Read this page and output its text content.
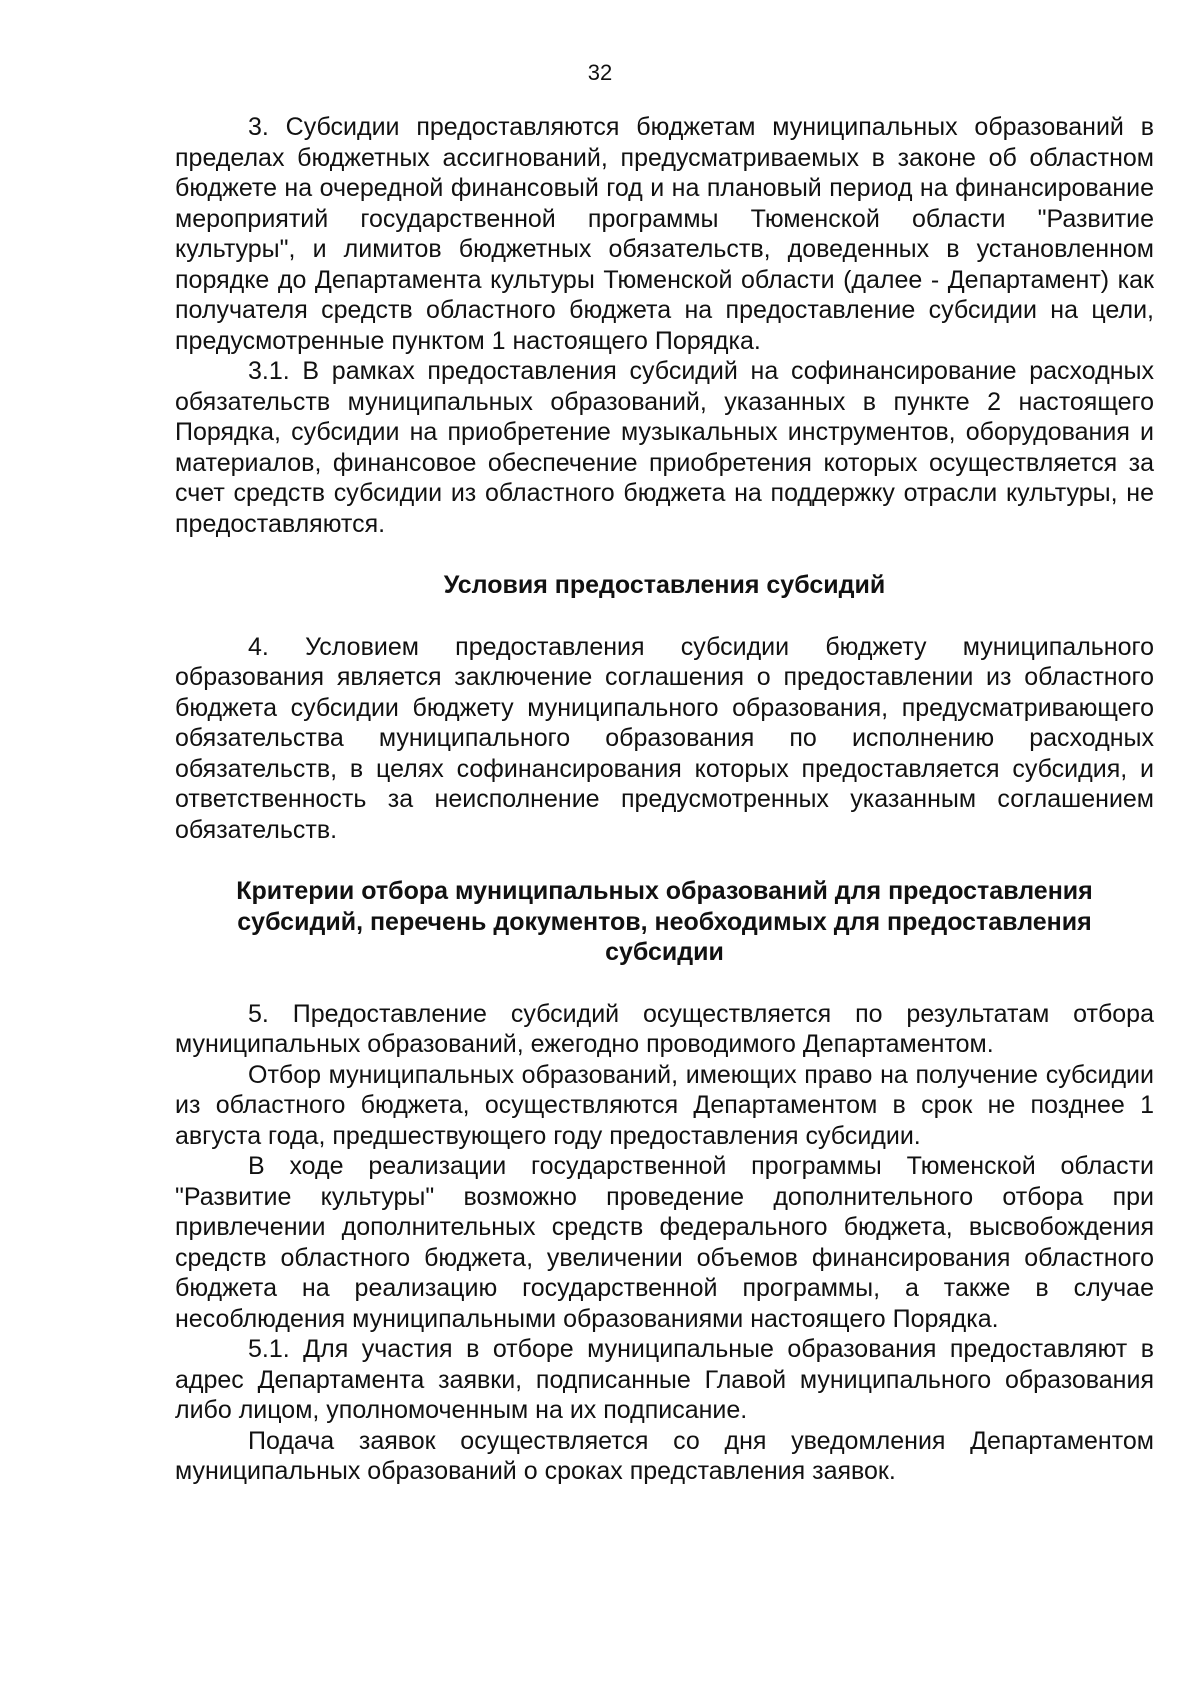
32

3. Субсидии предоставляются бюджетам муниципальных образований в пределах бюджетных ассигнований, предусматриваемых в законе об областном бюджете на очередной финансовый год и на плановый период на финансирование мероприятий государственной программы Тюменской области "Развитие культуры", и лимитов бюджетных обязательств, доведенных в установленном порядке до Департамента культуры Тюменской области (далее - Департамент) как получателя средств областного бюджета на предоставление субсидии на цели, предусмотренные пунктом 1 настоящего Порядка.

3.1. В рамках предоставления субсидий на софинансирование расходных обязательств муниципальных образований, указанных в пункте 2 настоящего Порядка, субсидии на приобретение музыкальных инструментов, оборудования и материалов, финансовое обеспечение приобретения которых осуществляется за счет средств субсидии из областного бюджета на поддержку отрасли культуры, не предоставляются.

Условия предоставления субсидий

4. Условием предоставления субсидии бюджету муниципального образования является заключение соглашения о предоставлении из областного бюджета субсидии бюджету муниципального образования, предусматривающего обязательства муниципального образования по исполнению расходных обязательств, в целях софинансирования которых предоставляется субсидия, и ответственность за неисполнение предусмотренных указанным соглашением обязательств.

Критерии отбора муниципальных образований для предоставления
субсидий, перечень документов, необходимых для предоставления
субсидии

5. Предоставление субсидий осуществляется по результатам отбора муниципальных образований, ежегодно проводимого Департаментом.

Отбор муниципальных образований, имеющих право на получение субсидии из областного бюджета, осуществляются Департаментом в срок не позднее 1 августа года, предшествующего году предоставления субсидии.

В ходе реализации государственной программы Тюменской области "Развитие культуры" возможно проведение дополнительного отбора при привлечении дополнительных средств федерального бюджета, высвобождения средств областного бюджета, увеличении объемов финансирования областного бюджета на реализацию государственной программы, а также в случае несоблюдения муниципальными образованиями настоящего Порядка.

5.1. Для участия в отборе муниципальные образования предоставляют в адрес Департамента заявки, подписанные Главой муниципального образования либо лицом, уполномоченным на их подписание.

Подача заявок осуществляется со дня уведомления Департаментом муниципальных образований о сроках представления заявок.
